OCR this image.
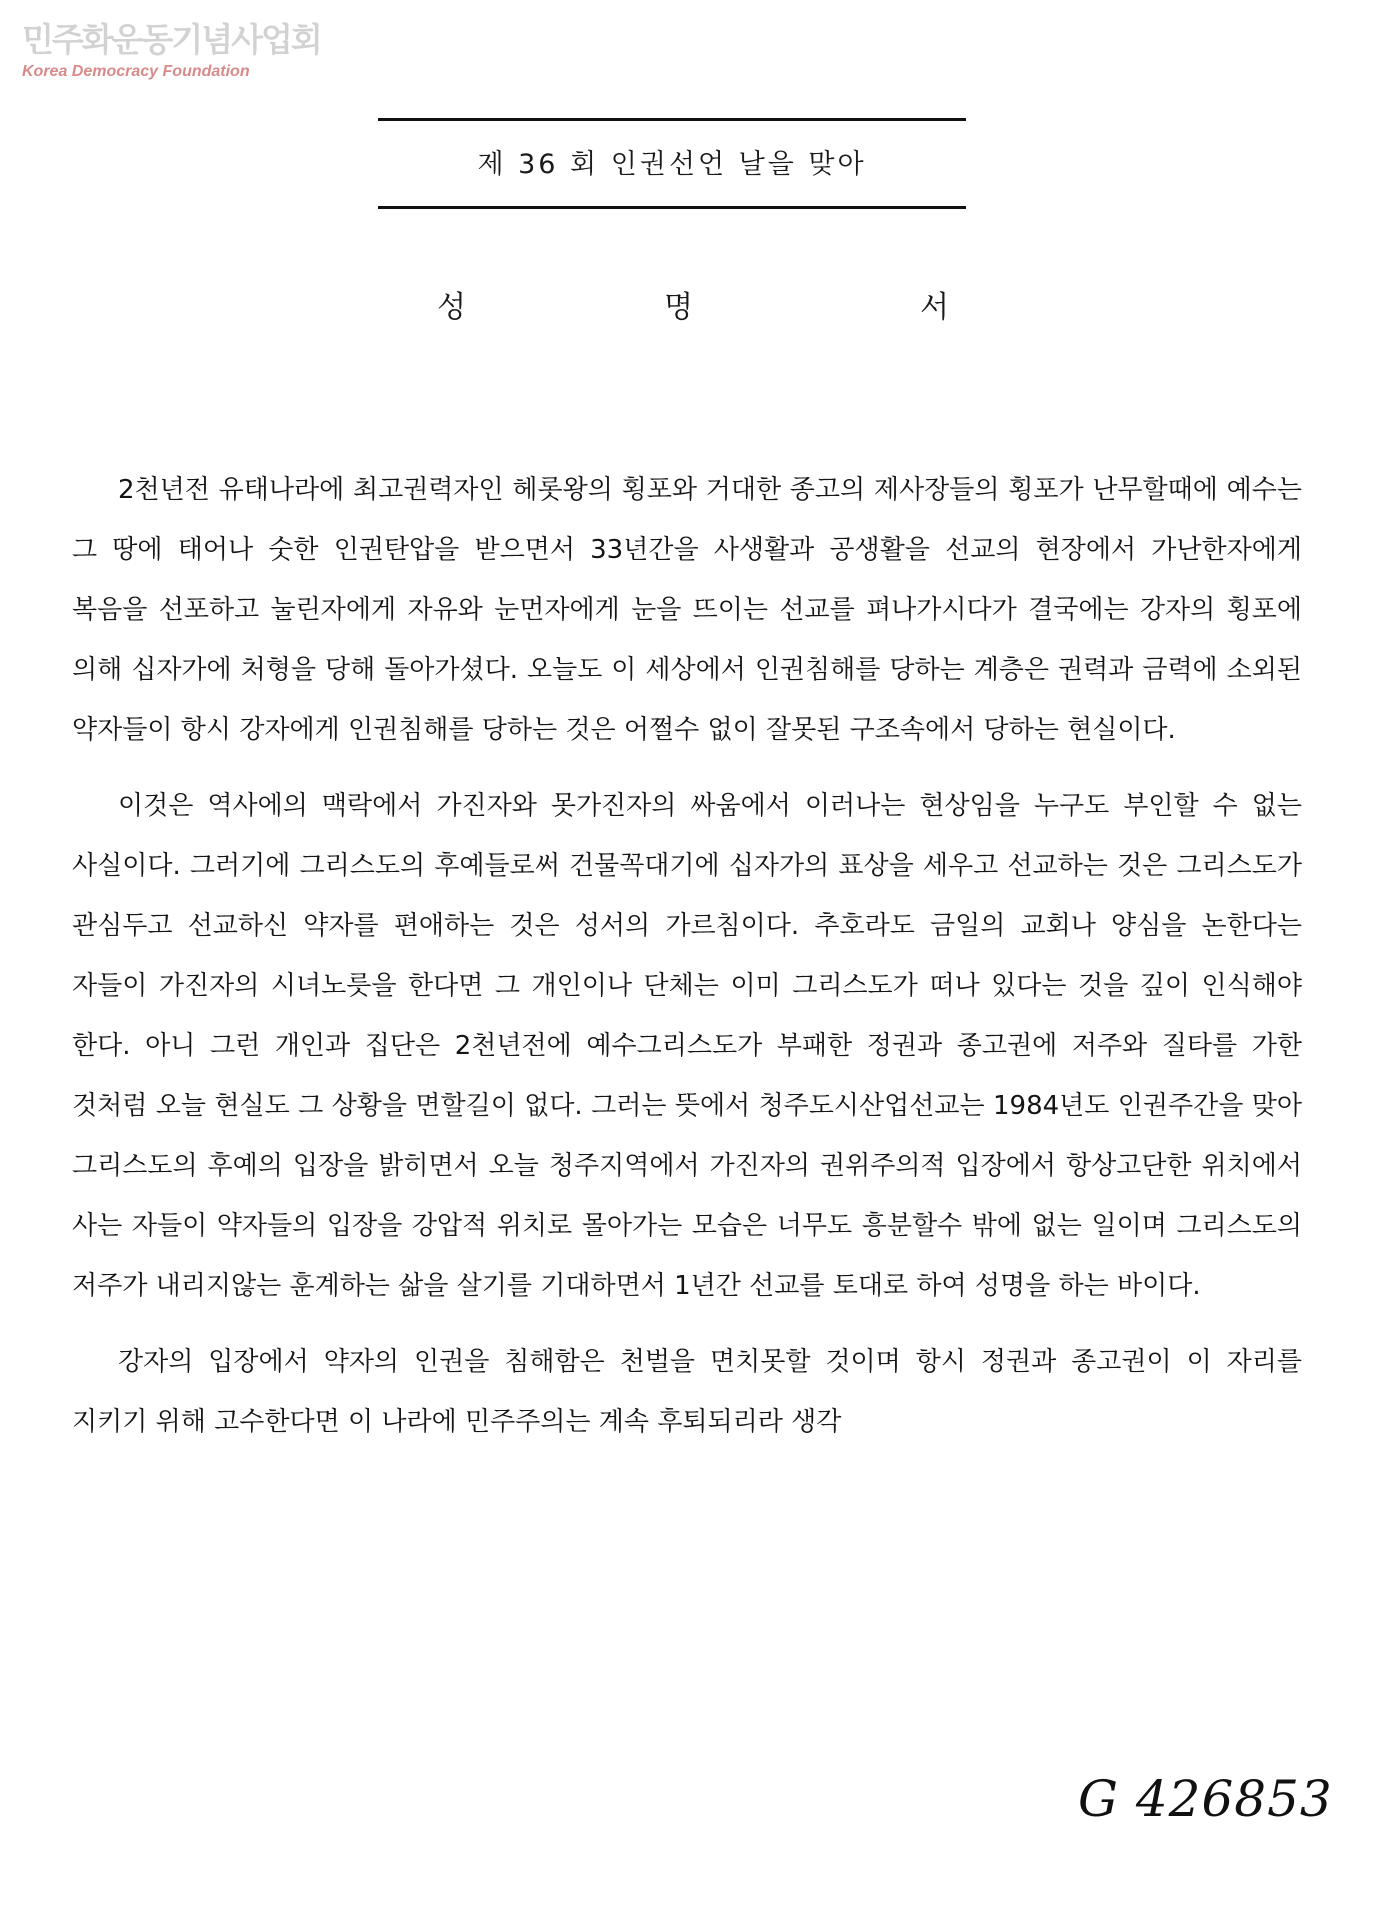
민주화운동기념사업회
Korea Democracy Foundation
제 36 회 인권선언 날을 맞아
성	명	서

2천년전 유태나라에 최고권력자인 헤롯왕의 횡포와 거대한 종고의 제사장들의 횡포가 난무할때에 예수는 그 땅에 태어나 숫한 인권탄압을 받으면서 33년간을 사생활과 공생활을 선교의 현장에서 가난한자에게 복음을 선포하고 눌린자에게 자유와 눈먼자에게 눈을 뜨이는 선교를 펴나가시다가 결국에는 강자의 횡포에 의해 십자가에 처형을 당해 돌아가셨다. 오늘도 이 세상에서 인권침해를 당하는 계층은 권력과 금력에 소외된 약자들이 항시 강자에게 인권침해를 당하는 것은 어쩔수 없이 잘못된 구조속에서 당하는 현실이다.

이것은 역사에의 맥락에서 가진자와 못가진자의 싸움에서 이러나는 현상임을 누구도 부인할 수 없는 사실이다. 그러기에 그리스도의 후예들로써 건물꼭대기에 십자가의 표상을 세우고 선교하는 것은 그리스도가 관심두고 선교하신 약자를 편애하는 것은 성서의 가르침이다. 추호라도 금일의 교회나 양심을 논한다는 자들이 가진자의 시녀노릇을 한다면 그 개인이나 단체는 이미 그리스도가 떠나 있다는 것을 깊이 인식해야 한다. 아니 그런 개인과 집단은 2천년전에 예수그리스도가 부패한 정권과 종고권에 저주와 질타를 가한 것처럼 오늘 현실도 그 상황을 면할길이 없다. 그러는 뜻에서 청주도시산업선교는 1984년도 인권주간을 맞아 그리스도의 후예의 입장을 밝히면서 오늘 청주지역에서 가진자의 권위주의적 입장에서 항상고단한 위치에서 사는 자들이 약자들의 입장을 강압적 위치로 몰아가는 모습은 너무도 흥분할수 밖에 없는 일이며 그리스도의 저주가 내리지않는 훈계하는 삶을 살기를 기대하면서 1년간 선교를 토대로 하여 성명을 하는 바이다.

강자의 입장에서 약자의 인권을 침해함은 천벌을 면치못할 것이며 항시 정권과 종고권이 이 자리를 지키기 위해 고수한다면 이 나라에 민주주의는 계속 후퇴되리라 생각

G 426853
